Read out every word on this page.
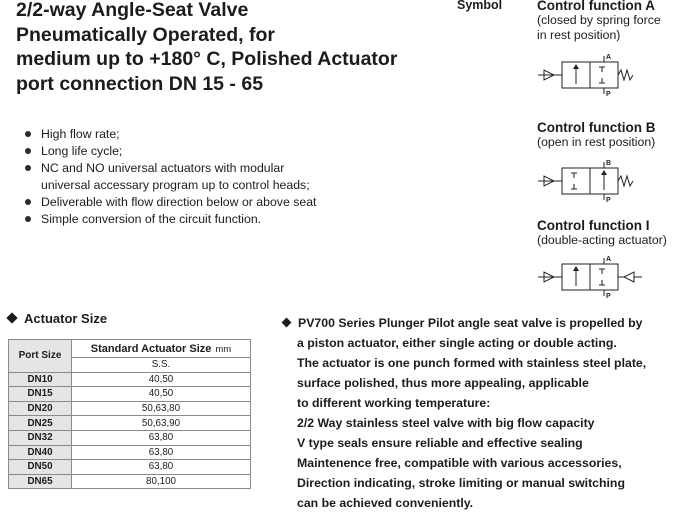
2/2-way Angle-Seat Valve
Pneumatically Operated, for
medium up to +180° C, Polished Actuator
port connection DN 15 - 65
High flow rate;
Long life cycle;
NC and NO universal actuators with modular
universal accessary program up to control heads;
Deliverable with flow direction below or above seat
Simple conversion of the circuit function.
Symbol	Control function A
(closed by spring force
in rest position)
A
P
Control function B
(open in rest position)
B
P
Control function I
(double-acting actuator)
A
P
Actuator Size
Port Size	Standard Actuator Size mm
	S.S.
DN10	40,50
DN15	40,50
DN20	50,63,80
DN25	50,63,90
DN32	63,80
DN40	63,80
DN50	63,80
DN65	80,100
PV700 Series Plunger Pilot angle seat valve is propelled by
a piston actuator, either single acting or double acting.
The actuator is one punch formed with stainless steel plate,
surface polished, thus more appealing, applicable
to different working temperature:
2/2 Way stainless steel valve with big flow capacity
V type seals ensure reliable and effective sealing
Maintenence free, compatible with various accessories,
Direction indicating, stroke limiting or manual switching
can be achieved conveniently.
